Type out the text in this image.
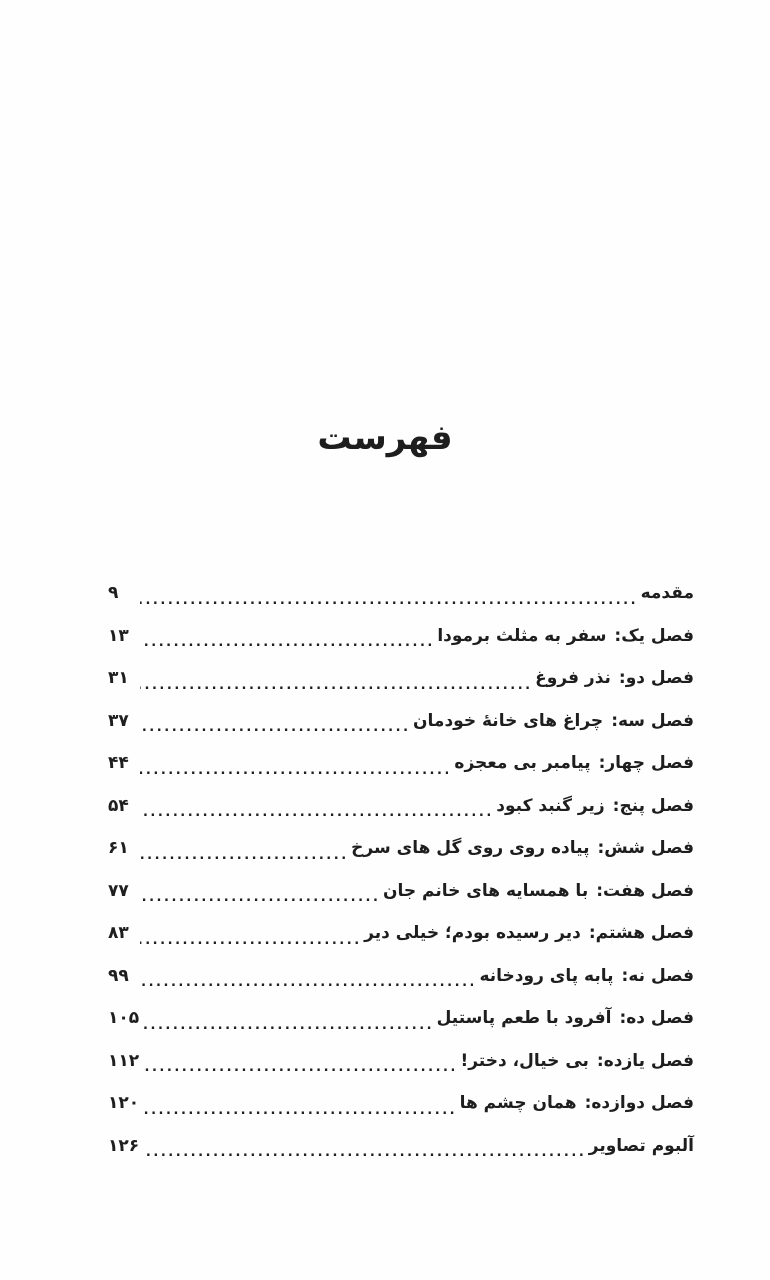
فهرست
مقدمه
. . .
۹
فصل یک:سفر به مثلث برمودا
. . .
۱۳
فصل دو:نذر فروغ
. . .
۳۱
فصل سه:چراغ های خانۀ خودمان
. . .
۳۷
فصل چهار:پیامبر بی معجزه
. . .
۴۴
فصل پنج:زیر گنبد کبود
. . .
۵۴
فصل شش:پیاده روی روی گل های سرخ
. . .
۶۱
فصل هفت:با همسایه های خانم جان
. . .
۷۷
فصل هشتم:دیر رسیده بودم؛ خیلی دیر
. . .
۸۳
فصل نه:پابه پای رودخانه
. . .
۹۹
فصل ده:آفرود با طعم پاستیل
. . .
۱۰۵
فصل یازده:بی خیال، دختر!
. . .
۱۱۲
فصل دوازده:همان چشم ها
. . .
۱۲۰
آلبوم تصاویر
. . .
۱۲۶
